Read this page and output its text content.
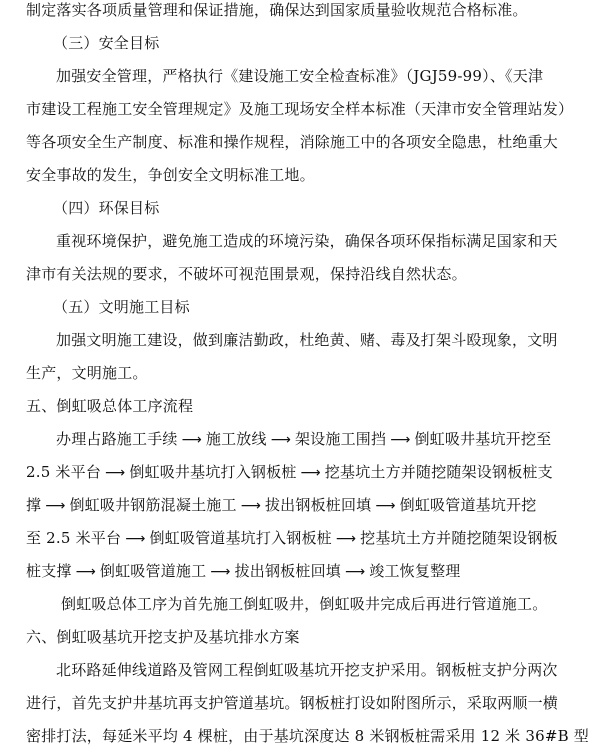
制定落实各项质量管理和保证措施，确保达到国家质量验收规范合格标准。
（三）安全目标
加强安全管理，严格执行《建设施工安全检查标准》（JGJ59-99）、《天津
市建设工程施工安全管理规定》及施工现场安全样本标准（天津市安全管理站发）
等各项安全生产制度、标准和操作规程，消除施工中的各项安全隐患，杜绝重大
安全事故的发生，争创安全文明标准工地。
（四）环保目标
重视环境保护，避免施工造成的环境污染，确保各项环保指标满足国家和天
津市有关法规的要求，不破坏可视范围景观，保持沿线自然状态。
（五）文明施工目标
加强文明施工建设，做到廉洁勤政，杜绝黄、赌、毒及打架斗殴现象，文明
生产，文明施工。
五、倒虹吸总体工序流程
办理占路施工手续 ⟶ 施工放线 ⟶ 架设施工围挡 ⟶ 倒虹吸井基坑开挖至
2.5 米平台 ⟶ 倒虹吸井基坑打入钢板桩 ⟶ 挖基坑土方并随挖随架设钢板桩支
撑 ⟶ 倒虹吸井钢筋混凝土施工 ⟶ 拔出钢板桩回填 ⟶ 倒虹吸管道基坑开挖
至 2.5 米平台 ⟶ 倒虹吸管道基坑打入钢板桩 ⟶ 挖基坑土方并随挖随架设钢板
桩支撑 ⟶ 倒虹吸管道施工 ⟶ 拔出钢板桩回填 ⟶ 竣工恢复整理
倒虹吸总体工序为首先施工倒虹吸井，倒虹吸井完成后再进行管道施工。
六、倒虹吸基坑开挖支护及基坑排水方案
北环路延伸线道路及管网工程倒虹吸基坑开挖支护采用。钢板桩支护分两次
进行，首先支护井基坑再支护管道基坑。钢板桩打设如附图所示，采取两顺一横
密排打法，每延米平均 4 棵桩，由于基坑深度达 8 米钢板桩需采用 12 米 36#B 型
